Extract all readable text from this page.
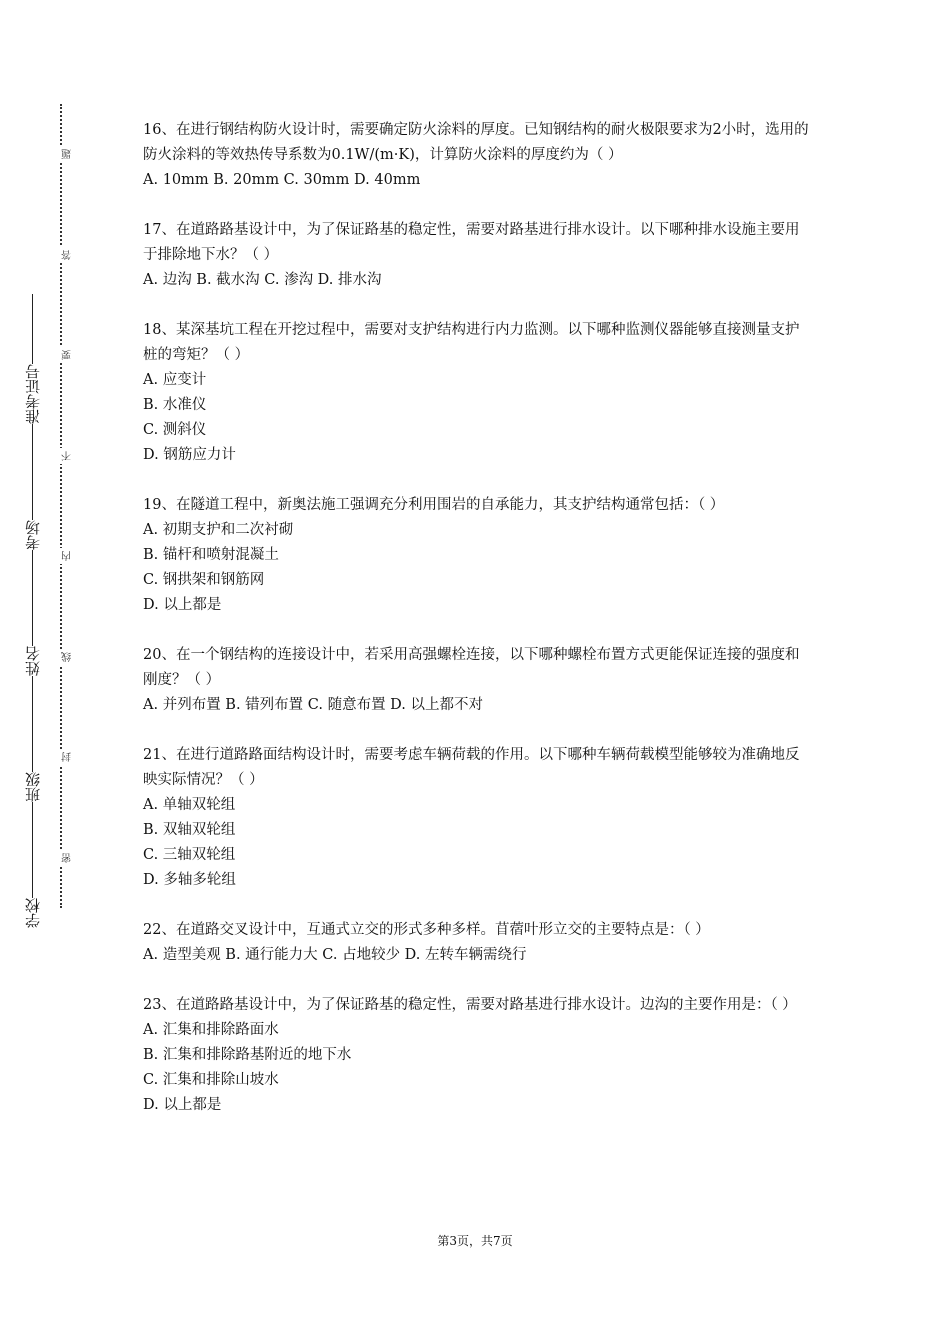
学校
班级
姓名
考场
准考证号
密
封
线
内
不
要
答
题

16、在进行钢结构防火设计时，需要确定防火涂料的厚度。已知钢结构的耐火极限要求为2小时，选用的防火涂料的等效热传导系数为0.1W/(m·K)，计算防火涂料的厚度约为（ ）

A. 10mm B. 20mm C. 30mm D. 40mm

17、在道路路基设计中，为了保证路基的稳定性，需要对路基进行排水设计。以下哪种排水设施主要用于排除地下水？（ ）

A. 边沟 B. 截水沟 C. 渗沟 D. 排水沟

18、某深基坑工程在开挖过程中，需要对支护结构进行内力监测。以下哪种监测仪器能够直接测量支护桩的弯矩？（ ）

A. 应变计

B. 水准仪

C. 测斜仪

D. 钢筋应力计

19、在隧道工程中，新奥法施工强调充分利用围岩的自承能力，其支护结构通常包括：（ ）

A. 初期支护和二次衬砌

B. 锚杆和喷射混凝土

C. 钢拱架和钢筋网

D. 以上都是

20、在一个钢结构的连接设计中，若采用高强螺栓连接，以下哪种螺栓布置方式更能保证连接的强度和刚度？（ ）

A. 并列布置 B. 错列布置 C. 随意布置 D. 以上都不对

21、在进行道路路面结构设计时，需要考虑车辆荷载的作用。以下哪种车辆荷载模型能够较为准确地反映实际情况？（ ）

A. 单轴双轮组

B. 双轴双轮组

C. 三轴双轮组

D. 多轴多轮组

22、在道路交叉设计中，互通式立交的形式多种多样。苜蓿叶形立交的主要特点是：（ ）

A. 造型美观 B. 通行能力大 C. 占地较少 D. 左转车辆需绕行

23、在道路路基设计中，为了保证路基的稳定性，需要对路基进行排水设计。边沟的主要作用是：（ ）

A. 汇集和排除路面水

B. 汇集和排除路基附近的地下水

C. 汇集和排除山坡水

D. 以上都是

第3页，共7页
